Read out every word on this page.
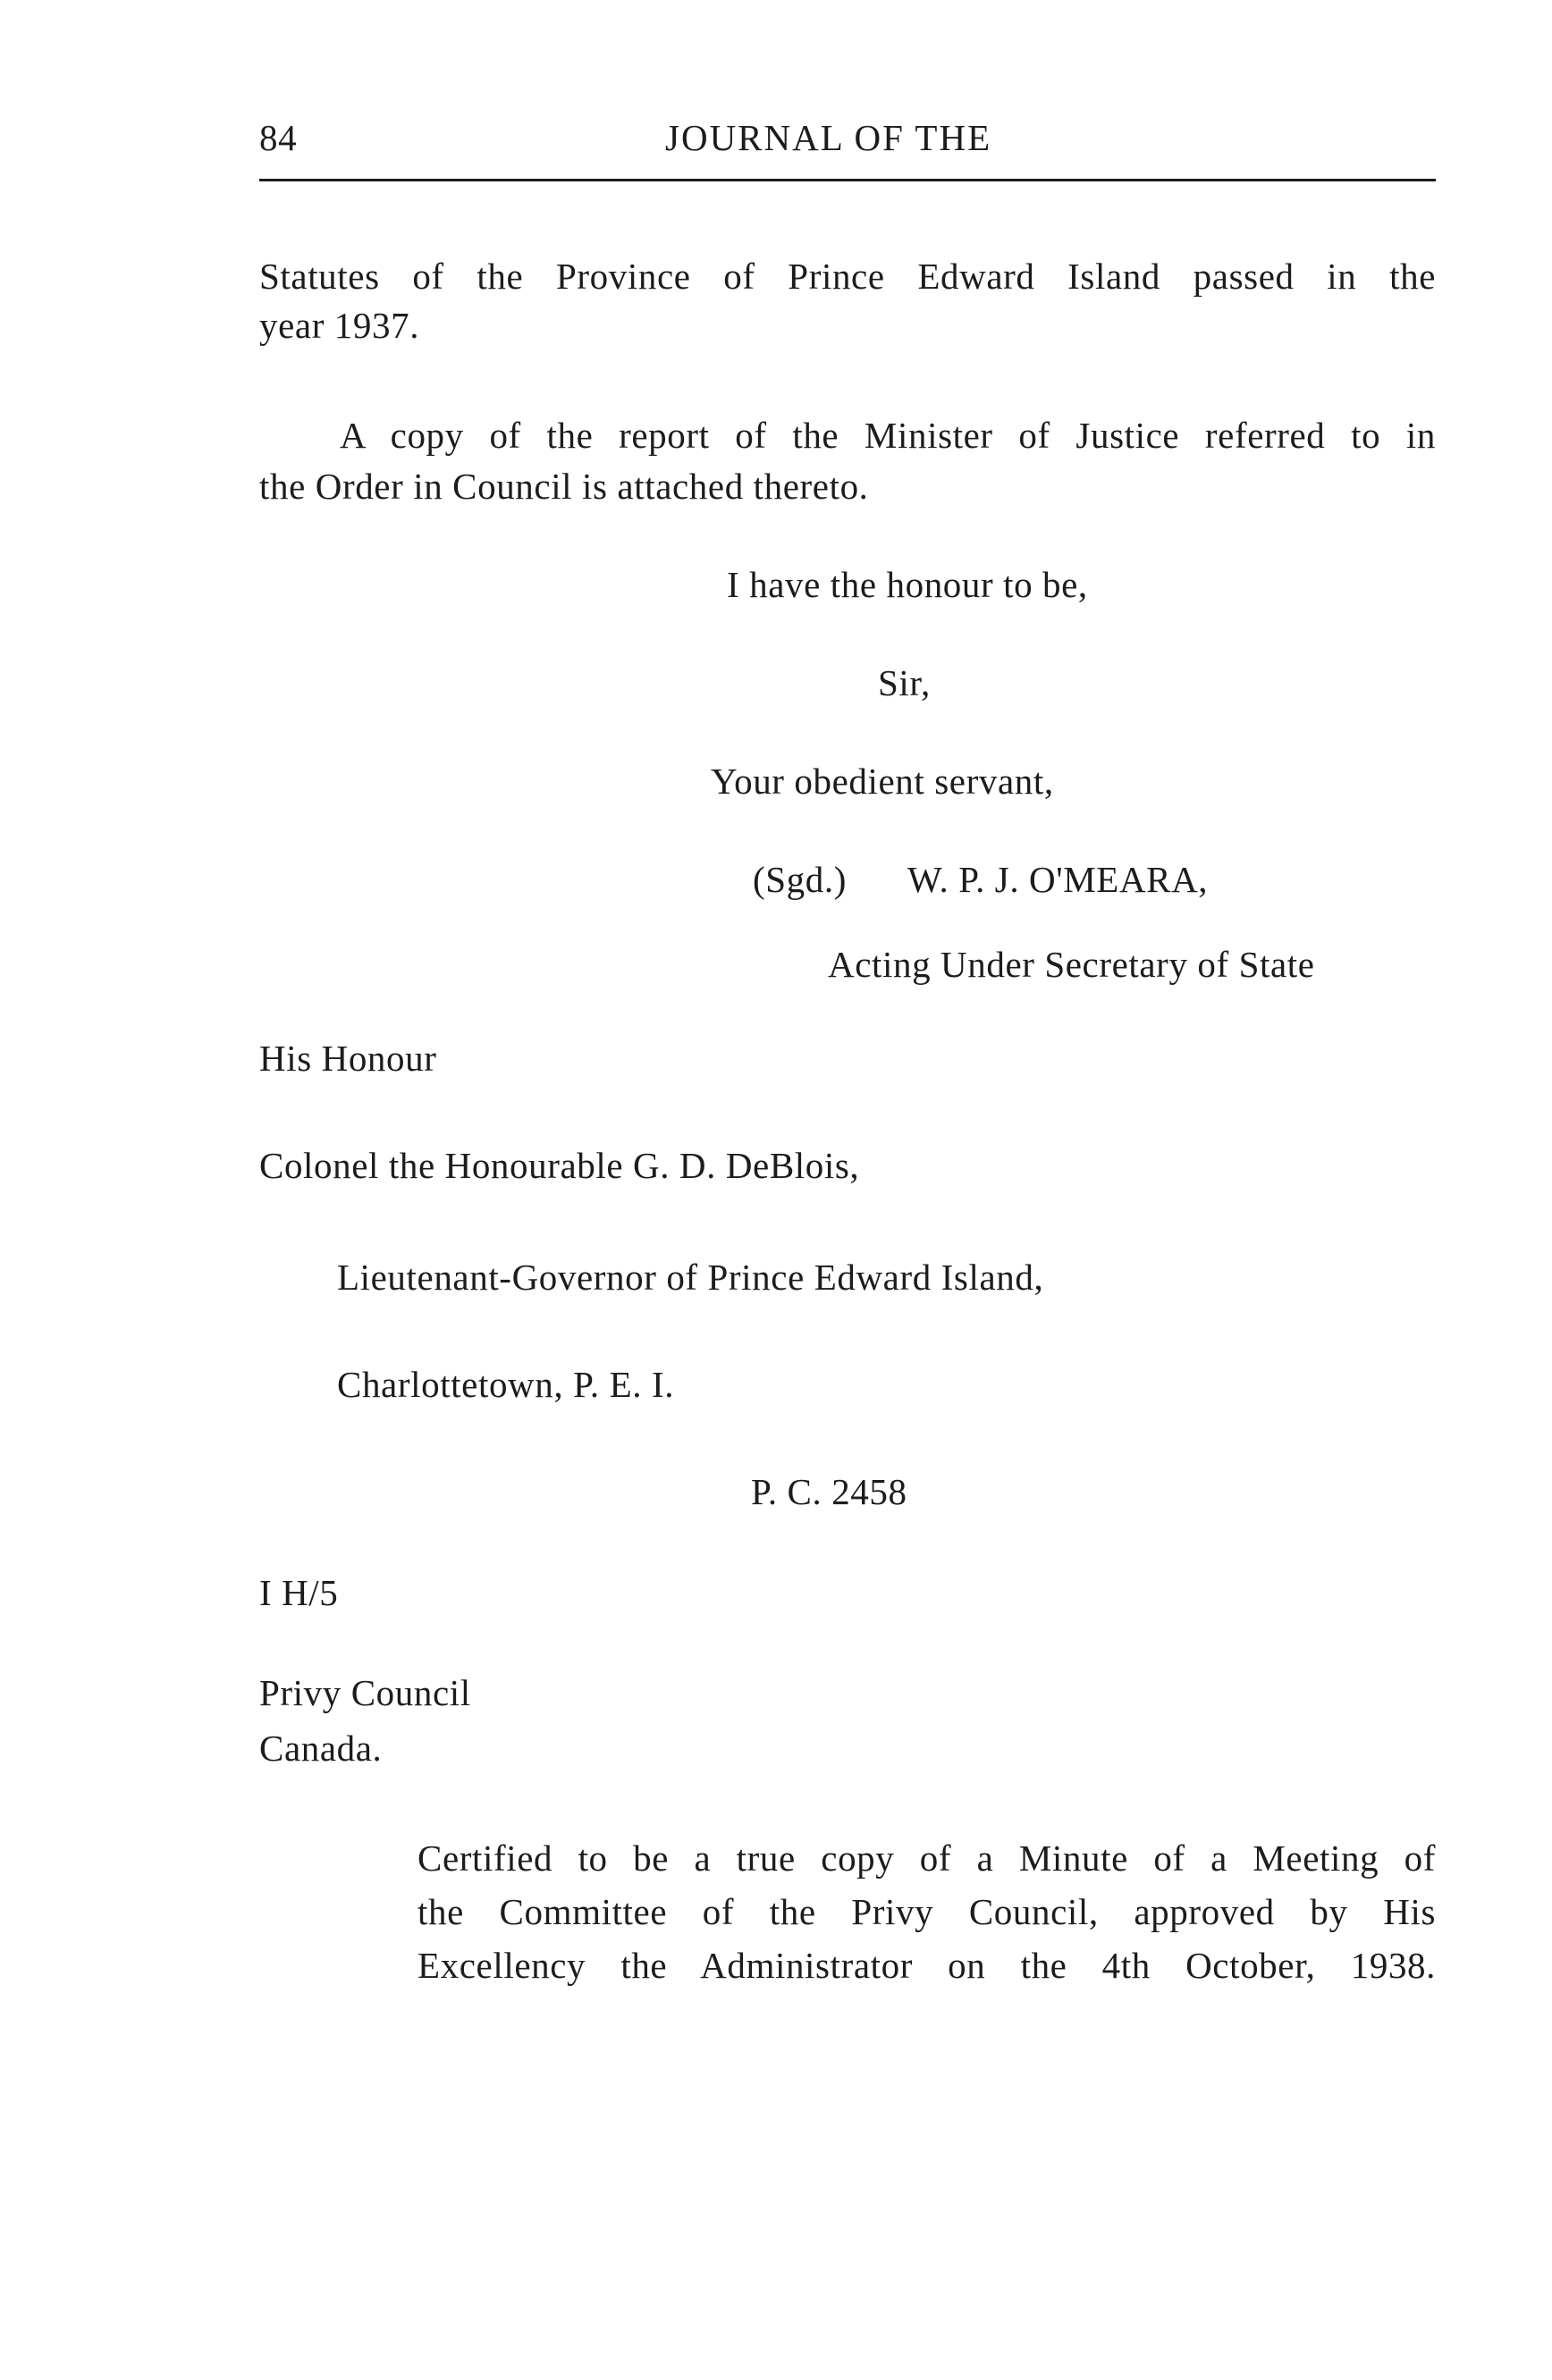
84	JOURNAL OF THE
Statutes of the Province of Prince Edward Island passed in the
year 1937.
A copy of the report of the Minister of Justice referred to in
the Order in Council is attached thereto.
I have the honour to be,
Sir,
Your obedient servant,
(Sgd.) W. P. J. O'MEARA,
Acting Under Secretary of State
His Honour
Colonel the Honourable G. D. DeBlois,
Lieutenant-Governor of Prince Edward Island,
Charlottetown, P. E. I.
P. C. 2458
I H/5
Privy Council
Canada.
Certified to be a true copy of a Minute of a Meeting of
the Committee of the Privy Council, approved by His
Excellency the Administrator on the 4th October, 1938.
